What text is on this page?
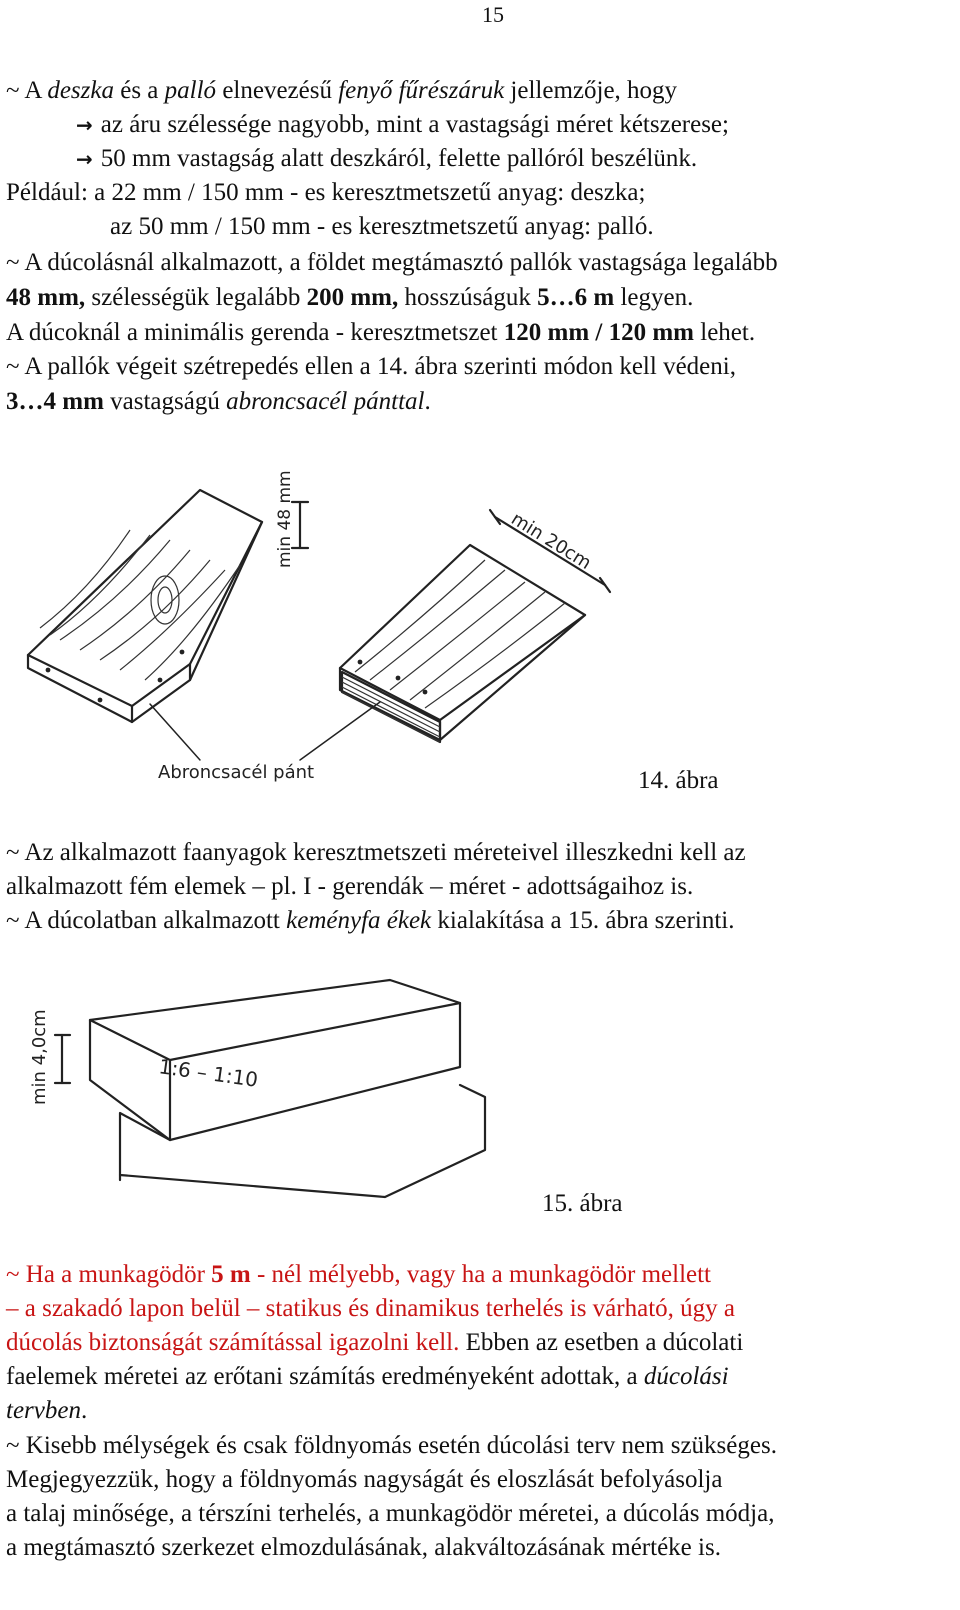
15
~ A deszka és a palló elnevezésű fenyő fűrészáruk jellemzője, hogy
→ az áru szélessége nagyobb, mint a vastagsági méret kétszerese;
→ 50 mm vastagság alatt deszkáról, felette pallóról beszélünk.
Például: a 22 mm / 150 mm - es keresztmetszetű anyag: deszka;
az 50 mm / 150 mm - es keresztmetszetű anyag: palló.
~ A dúcolásnál alkalmazott, a földet megtámasztó pallók vastagsága legalább
48 mm, szélességük legalább 200 mm, hosszúságuk 5…6 m legyen.
A dúcoknál a minimális gerenda - keresztmetszet 120 mm / 120 mm lehet.
~ A pallók végeit szétrepedés ellen a 14. ábra szerinti módon kell védeni,
3…4 mm vastagságú abroncsacél pánttal.
min 48 mm	min 20cm
Abroncsacél pánt	14. ábra
~ Az alkalmazott faanyagok keresztmetszeti méreteivel illeszkedni kell az
alkalmazott fém elemek – pl. I - gerendák – méret - adottságaihoz is.
~ A dúcolatban alkalmazott keményfa ékek kialakítása a 15. ábra szerinti.
min 4,0cm	1:6 – 1:10
15. ábra
~ Ha a munkagödör 5 m - nél mélyebb, vagy ha a munkagödör mellett
– a szakadó lapon belül – statikus és dinamikus terhelés is várható, úgy a
dúcolás biztonságát számítással igazolni kell. Ebben az esetben a dúcolati
faelemek méretei az erőtani számítás eredményeként adottak, a dúcolási
tervben.
~ Kisebb mélységek és csak földnyomás esetén dúcolási terv nem szükséges.
Megjegyezzük, hogy a földnyomás nagyságát és eloszlását befolyásolja
a talaj minősége, a térszíni terhelés, a munkagödör méretei, a dúcolás módja,
a megtámasztó szerkezet elmozdulásának, alakváltozásának mértéke is.
